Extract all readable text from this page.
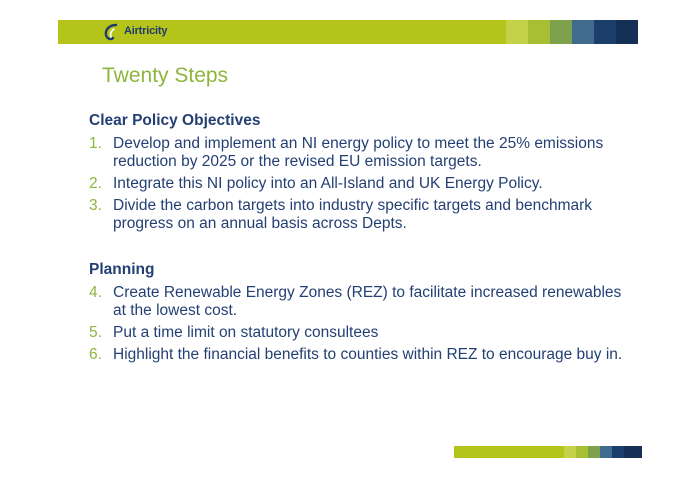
Airtricity
Twenty Steps
Clear Policy Objectives
1. Develop and implement an NI energy policy to meet the 25% emissions reduction by 2025 or the revised EU emission targets.
2. Integrate this NI policy into an All-Island and UK Energy Policy.
3. Divide the carbon targets into industry specific targets and benchmark progress on an annual basis across Depts.
Planning
4. Create Renewable Energy Zones (REZ) to facilitate increased renewables at the lowest cost.
5. Put a time limit on statutory consultees
6. Highlight the financial benefits to counties within REZ to encourage buy in.
